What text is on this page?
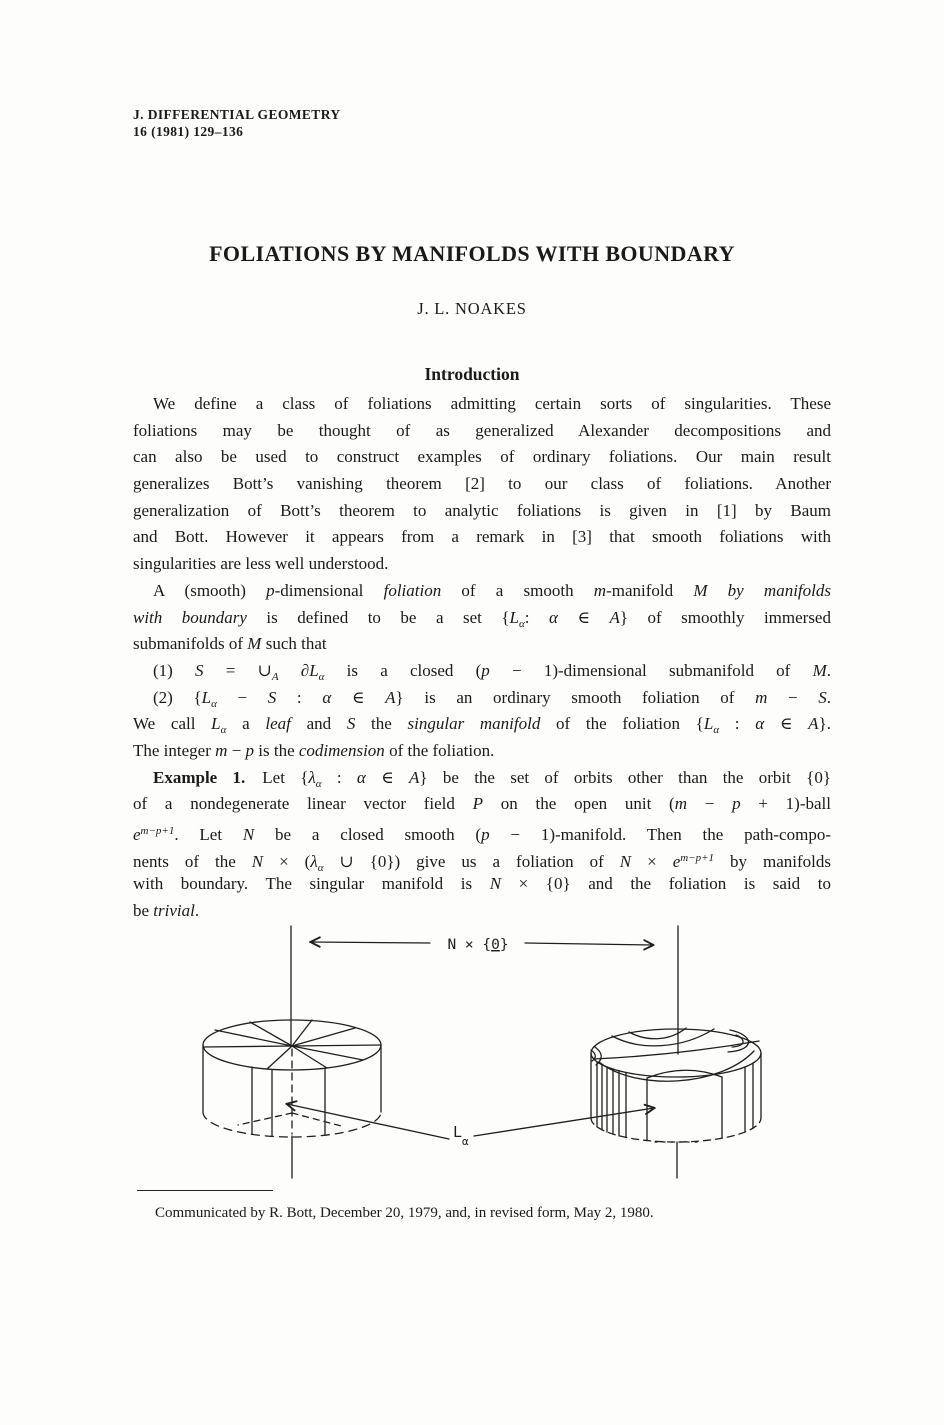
J. DIFFERENTIAL GEOMETRY
16 (1981) 129–136
FOLIATIONS BY MANIFOLDS WITH BOUNDARY
J. L. NOAKES
Introduction
We define a class of foliations admitting certain sorts of singularities. These
foliations may be thought of as generalized Alexander decompositions and
can also be used to construct examples of ordinary foliations. Our main result
generalizes Bott’s vanishing theorem [2] to our class of foliations. Another
generalization of Bott’s theorem to analytic foliations is given in [1] by Baum
and Bott. However it appears from a remark in [3] that smooth foliations with
singularities are less well understood.
A (smooth) p-dimensional foliation of a smooth m-manifold M by manifolds
with boundary is defined to be a set {$L_\alpha$: α ∈ A} of smoothly immersed
submanifolds of M such that
(1) $S = \cup_A$ $\partial L_\alpha$ is a closed (p − 1)-dimensional submanifold of M.
(2) {$L_\alpha - S$ : α ∈ A} is an ordinary smooth foliation of m − S.
We call $L_\alpha$ a leaf and S the singular manifold of the foliation {$L_\alpha$ : α ∈ A}.
The integer m − p is the codimension of the foliation.
Example 1. Let {$\lambda_\alpha$ : α ∈ A} be the set of orbits other than the orbit {0}
of a nondegenerate linear vector field P on the open unit (m − p + 1)-ball
$e^{m-p+1}$. Let N be a closed smooth (p − 1)-manifold. Then the path-compo-
nents of the $N \times (\lambda_\alpha$ ∪ {0}) give us a foliation of $N \times e^{m-p+1}$ by manifolds
with boundary. The singular manifold is N × {0} and the foliation is said to
be trivial.
N × {0}
$L_\alpha$
Communicated by R. Bott, December 20, 1979, and, in revised form, May 2, 1980.
